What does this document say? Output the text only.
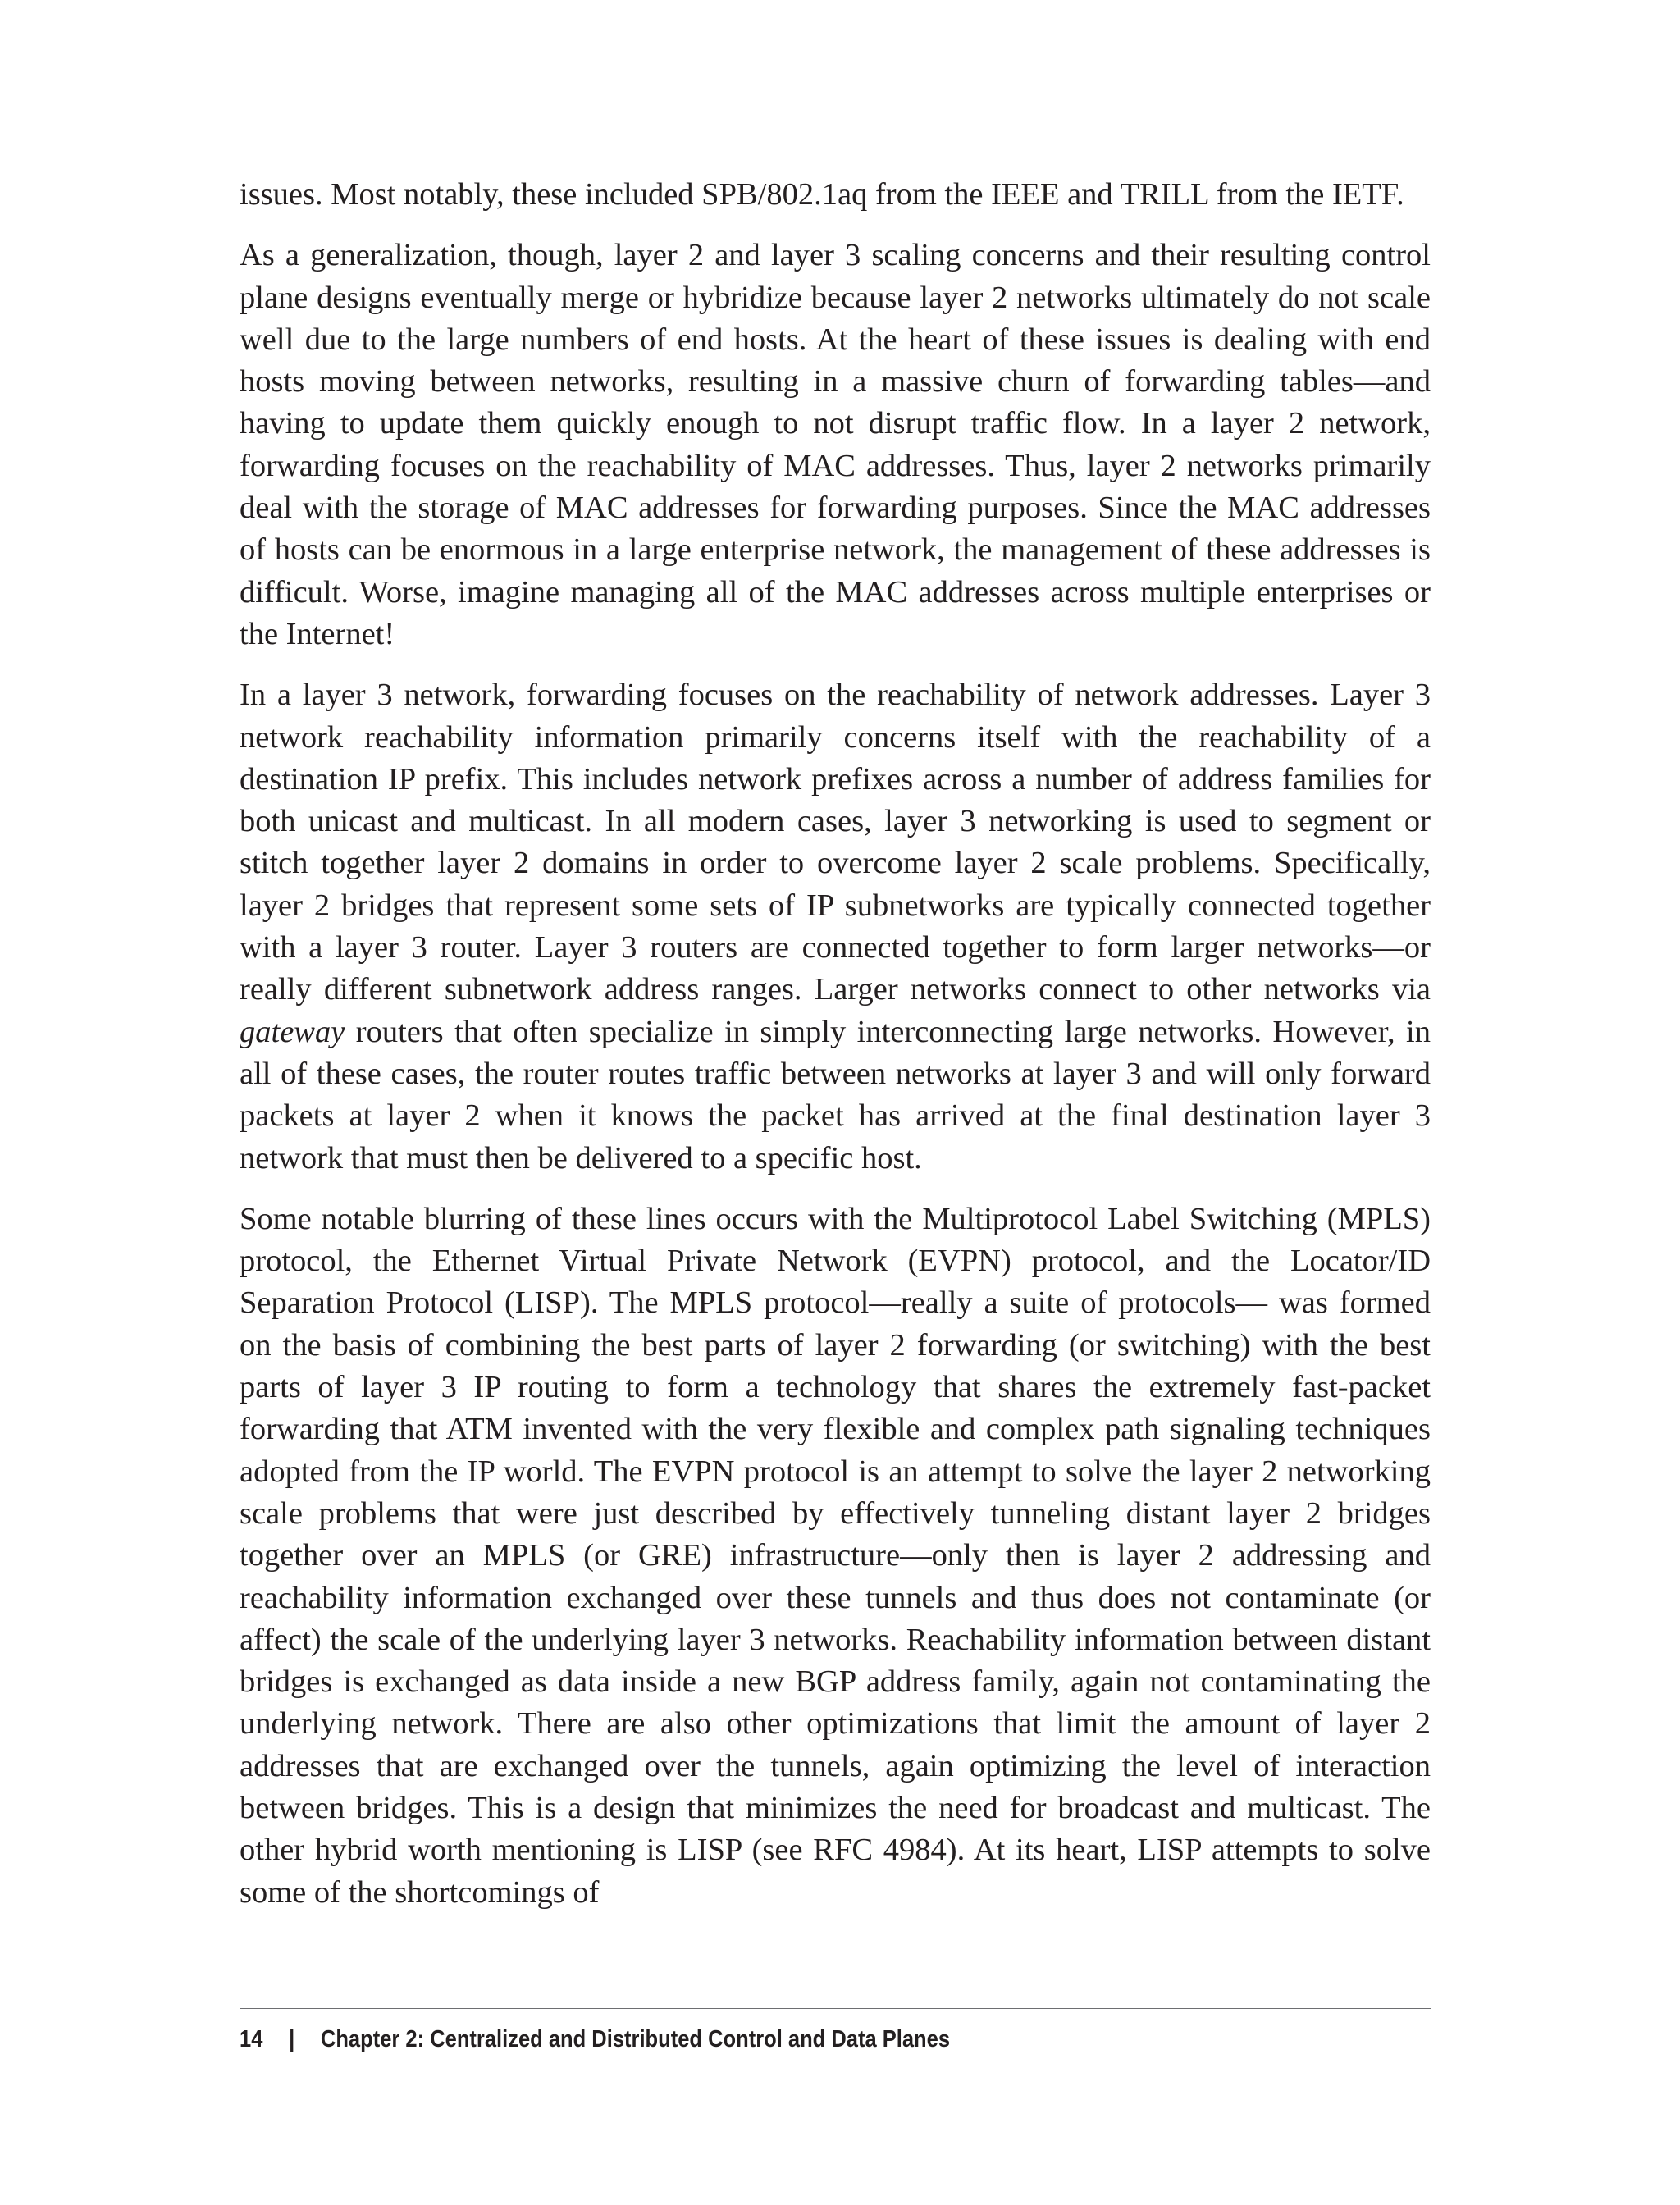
issues. Most notably, these included SPB/802.1aq from the IEEE and TRILL from the IETF.

As a generalization, though, layer 2 and layer 3 scaling concerns and their resulting control plane designs eventually merge or hybridize because layer 2 networks ultimately do not scale well due to the large numbers of end hosts. At the heart of these issues is dealing with end hosts moving between networks, resulting in a massive churn of forwarding tables—and having to update them quickly enough to not disrupt traffic flow. In a layer 2 network, forwarding focuses on the reachability of MAC addresses. Thus, layer 2 networks primarily deal with the storage of MAC addresses for forwarding purposes. Since the MAC addresses of hosts can be enormous in a large enterprise network, the management of these addresses is difficult. Worse, imagine managing all of the MAC addresses across multiple enterprises or the Internet!

In a layer 3 network, forwarding focuses on the reachability of network addresses. Layer 3 network reachability information primarily concerns itself with the reachability of a destination IP prefix. This includes network prefixes across a number of address families for both unicast and multicast. In all modern cases, layer 3 networking is used to segment or stitch together layer 2 domains in order to overcome layer 2 scale problems. Specifically, layer 2 bridges that represent some sets of IP subnetworks are typically connected together with a layer 3 router. Layer 3 routers are connected together to form larger networks—or really different subnetwork address ranges. Larger networks connect to other networks via gateway routers that often specialize in simply interconnecting large networks. However, in all of these cases, the router routes traffic between networks at layer 3 and will only forward packets at layer 2 when it knows the packet has arrived at the final destination layer 3 network that must then be delivered to a specific host.

Some notable blurring of these lines occurs with the Multiprotocol Label Switching (MPLS) protocol, the Ethernet Virtual Private Network (EVPN) protocol, and the Locator/ID Separation Protocol (LISP). The MPLS protocol—really a suite of protocols— was formed on the basis of combining the best parts of layer 2 forwarding (or switching) with the best parts of layer 3 IP routing to form a technology that shares the extremely fast-packet forwarding that ATM invented with the very flexible and complex path signaling techniques adopted from the IP world. The EVPN protocol is an attempt to solve the layer 2 networking scale problems that were just described by effectively tunneling distant layer 2 bridges together over an MPLS (or GRE) infrastructure—only then is layer 2 addressing and reachability information exchanged over these tunnels and thus does not contaminate (or affect) the scale of the underlying layer 3 networks. Reachability information between distant bridges is exchanged as data inside a new BGP address family, again not contaminating the underlying network. There are also other optimizations that limit the amount of layer 2 addresses that are exchanged over the tunnels, again optimizing the level of interaction between bridges. This is a design that minimizes the need for broadcast and multicast. The other hybrid worth mentioning is LISP (see RFC 4984). At its heart, LISP attempts to solve some of the shortcomings of

14 | Chapter 2: Centralized and Distributed Control and Data Planes
